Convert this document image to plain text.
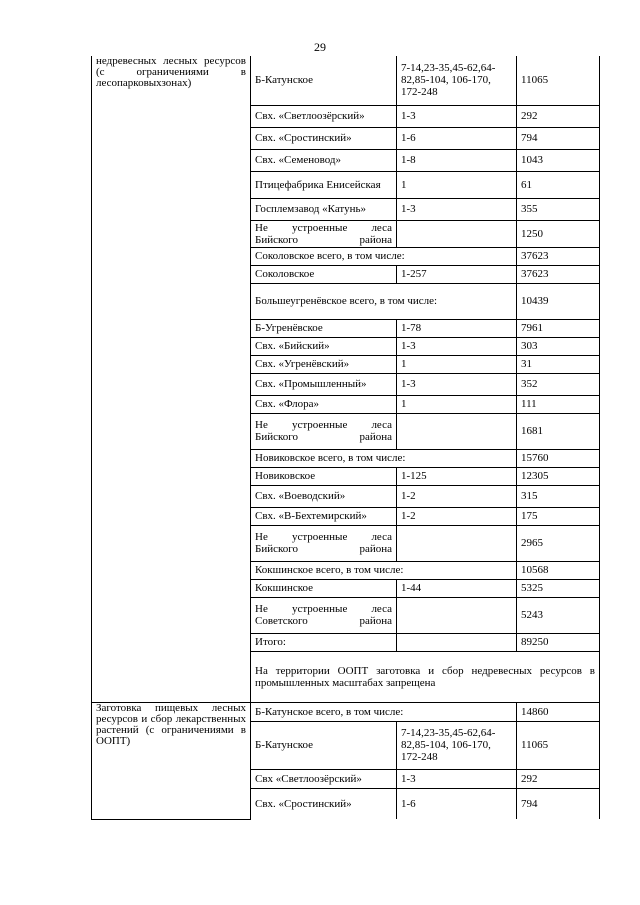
29
недревесных лесных ресурсов (с ограничениями в лесопарковыхзонах)	Б-Катунское	7-14,23-35,45-62,64-82,85-104, 106-170, 172-248	11065
	Свх. «Светлоозёрский»	1-3	292
	Свх. «Сростинский»	1-6	794
	Свх. «Семеновод»	1-8	1043
	Птицефабрика Енисейская	1	61
	Госплемзавод «Катунь»	1-3	355
	Не устроенные леса Бийского района		1250
	Соколовское всего, в том числе:		37623
	Соколовское	1-257	37623
	Большеугренёвское всего, в том числе:		10439
	Б-Угренёвское	1-78	7961
	Свх. «Бийский»	1-3	303
	Свх. «Угренёвский»	1	31
	Свх. «Промышленный»	1-3	352
	Свх. «Флора»	1	111
	Не устроенные леса Бийского района		1681
	Новиковское всего, в том числе:		15760
	Новиковское	1-125	12305
	Свх. «Воеводский»	1-2	315
	Свх. «В-Бехтемирский»	1-2	175
	Не устроенные леса Бийского района		2965
	Кокшинское всего, в том числе:		10568
	Кокшинское	1-44	5325
	Не устроенные леса Советского района		5243
	Итого:		89250
	На территории ООПТ заготовка и сбор недревесных ресурсов в промышленных масштабах запрещена		
Заготовка пищевых лесных ресурсов и сбор лекарственных растений (с ограничениями в ООПТ)	Б-Катунское всего, в том числе:		14860
	Б-Катунское	7-14,23-35,45-62,64-82,85-104, 106-170, 172-248	11065
	Свх «Светлоозёрский»	1-3	292
	Свх. «Сростинский»	1-6	794
